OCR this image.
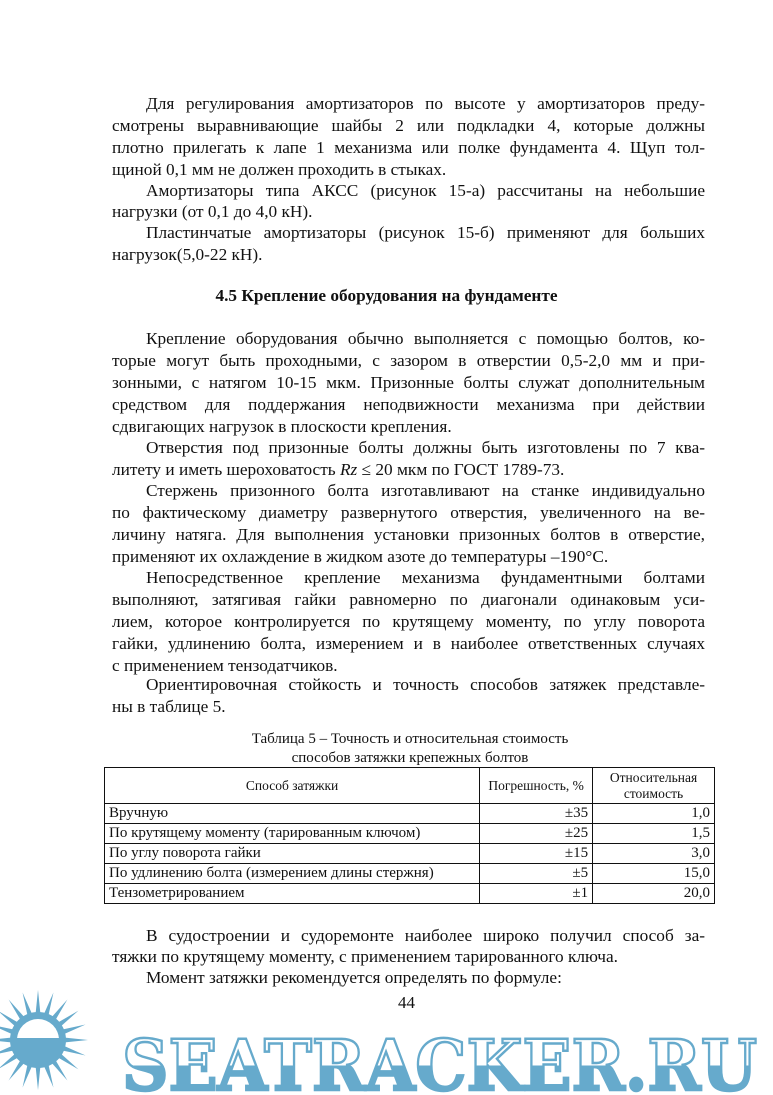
Для регулирования амортизаторов по высоте у амортизаторов преду-
смотрены выравнивающие шайбы 2 или подкладки 4, которые должны
плотно прилегать к лапе 1 механизма или полке фундамента 4. Щуп тол-
щиной 0,1 мм не должен проходить в стыках.
Амортизаторы типа АКСС (рисунок 15-а) рассчитаны на небольшие
нагрузки (от 0,1 до 4,0 кН).
Пластинчатые амортизаторы (рисунок 15-б) применяют для больших
нагрузок(5,0-22 кН).
4.5 Крепление оборудования на фундаменте
Крепление оборудования обычно выполняется с помощью болтов, ко-
торые могут быть проходными, с зазором в отверстии 0,5-2,0 мм и при-
зонными, с натягом 10-15 мкм. Призонные болты служат дополнительным
средством для поддержания неподвижности механизма при действии
сдвигающих нагрузок в плоскости крепления.
Отверстия под призонные болты должны быть изготовлены по 7 ква-
литету и иметь шероховатость Rz ≤ 20 мкм по ГОСТ 1789-73.
Стержень призонного болта изготавливают на станке индивидуально
по фактическому диаметру развернутого отверстия, увеличенного на ве-
личину натяга. Для выполнения установки призонных болтов в отверстие,
применяют их охлаждение в жидком азоте до температуры –190°С.
Непосредственное крепление механизма фундаментными болтами
выполняют, затягивая гайки равномерно по диагонали одинаковым уси-
лием, которое контролируется по крутящему моменту, по углу поворота
гайки, удлинению болта, измерением и в наиболее ответственных случаях
с применением тензодатчиков.
Ориентировочная стойкость и точность способов затяжек представле-
ны в таблице 5.
Таблица 5 – Точность и относительная стоимость
способов затяжки крепежных болтов
Способ затяжки	Погрешность, %	Относительная стоимость
Вручную	±35	1,0
По крутящему моменту (тарированным ключом)	±25	1,5
По углу поворота гайки	±15	3,0
По удлинению болта (измерением длины стержня)	±5	15,0
Тензометрированием	±1	20,0
В судостроении и судоремонте наиболее широко получил способ за-
тяжки по крутящему моменту, с применением тарированного ключа.
Момент затяжки рекомендуется определять по формуле:
SEATRACKER.RU
44
